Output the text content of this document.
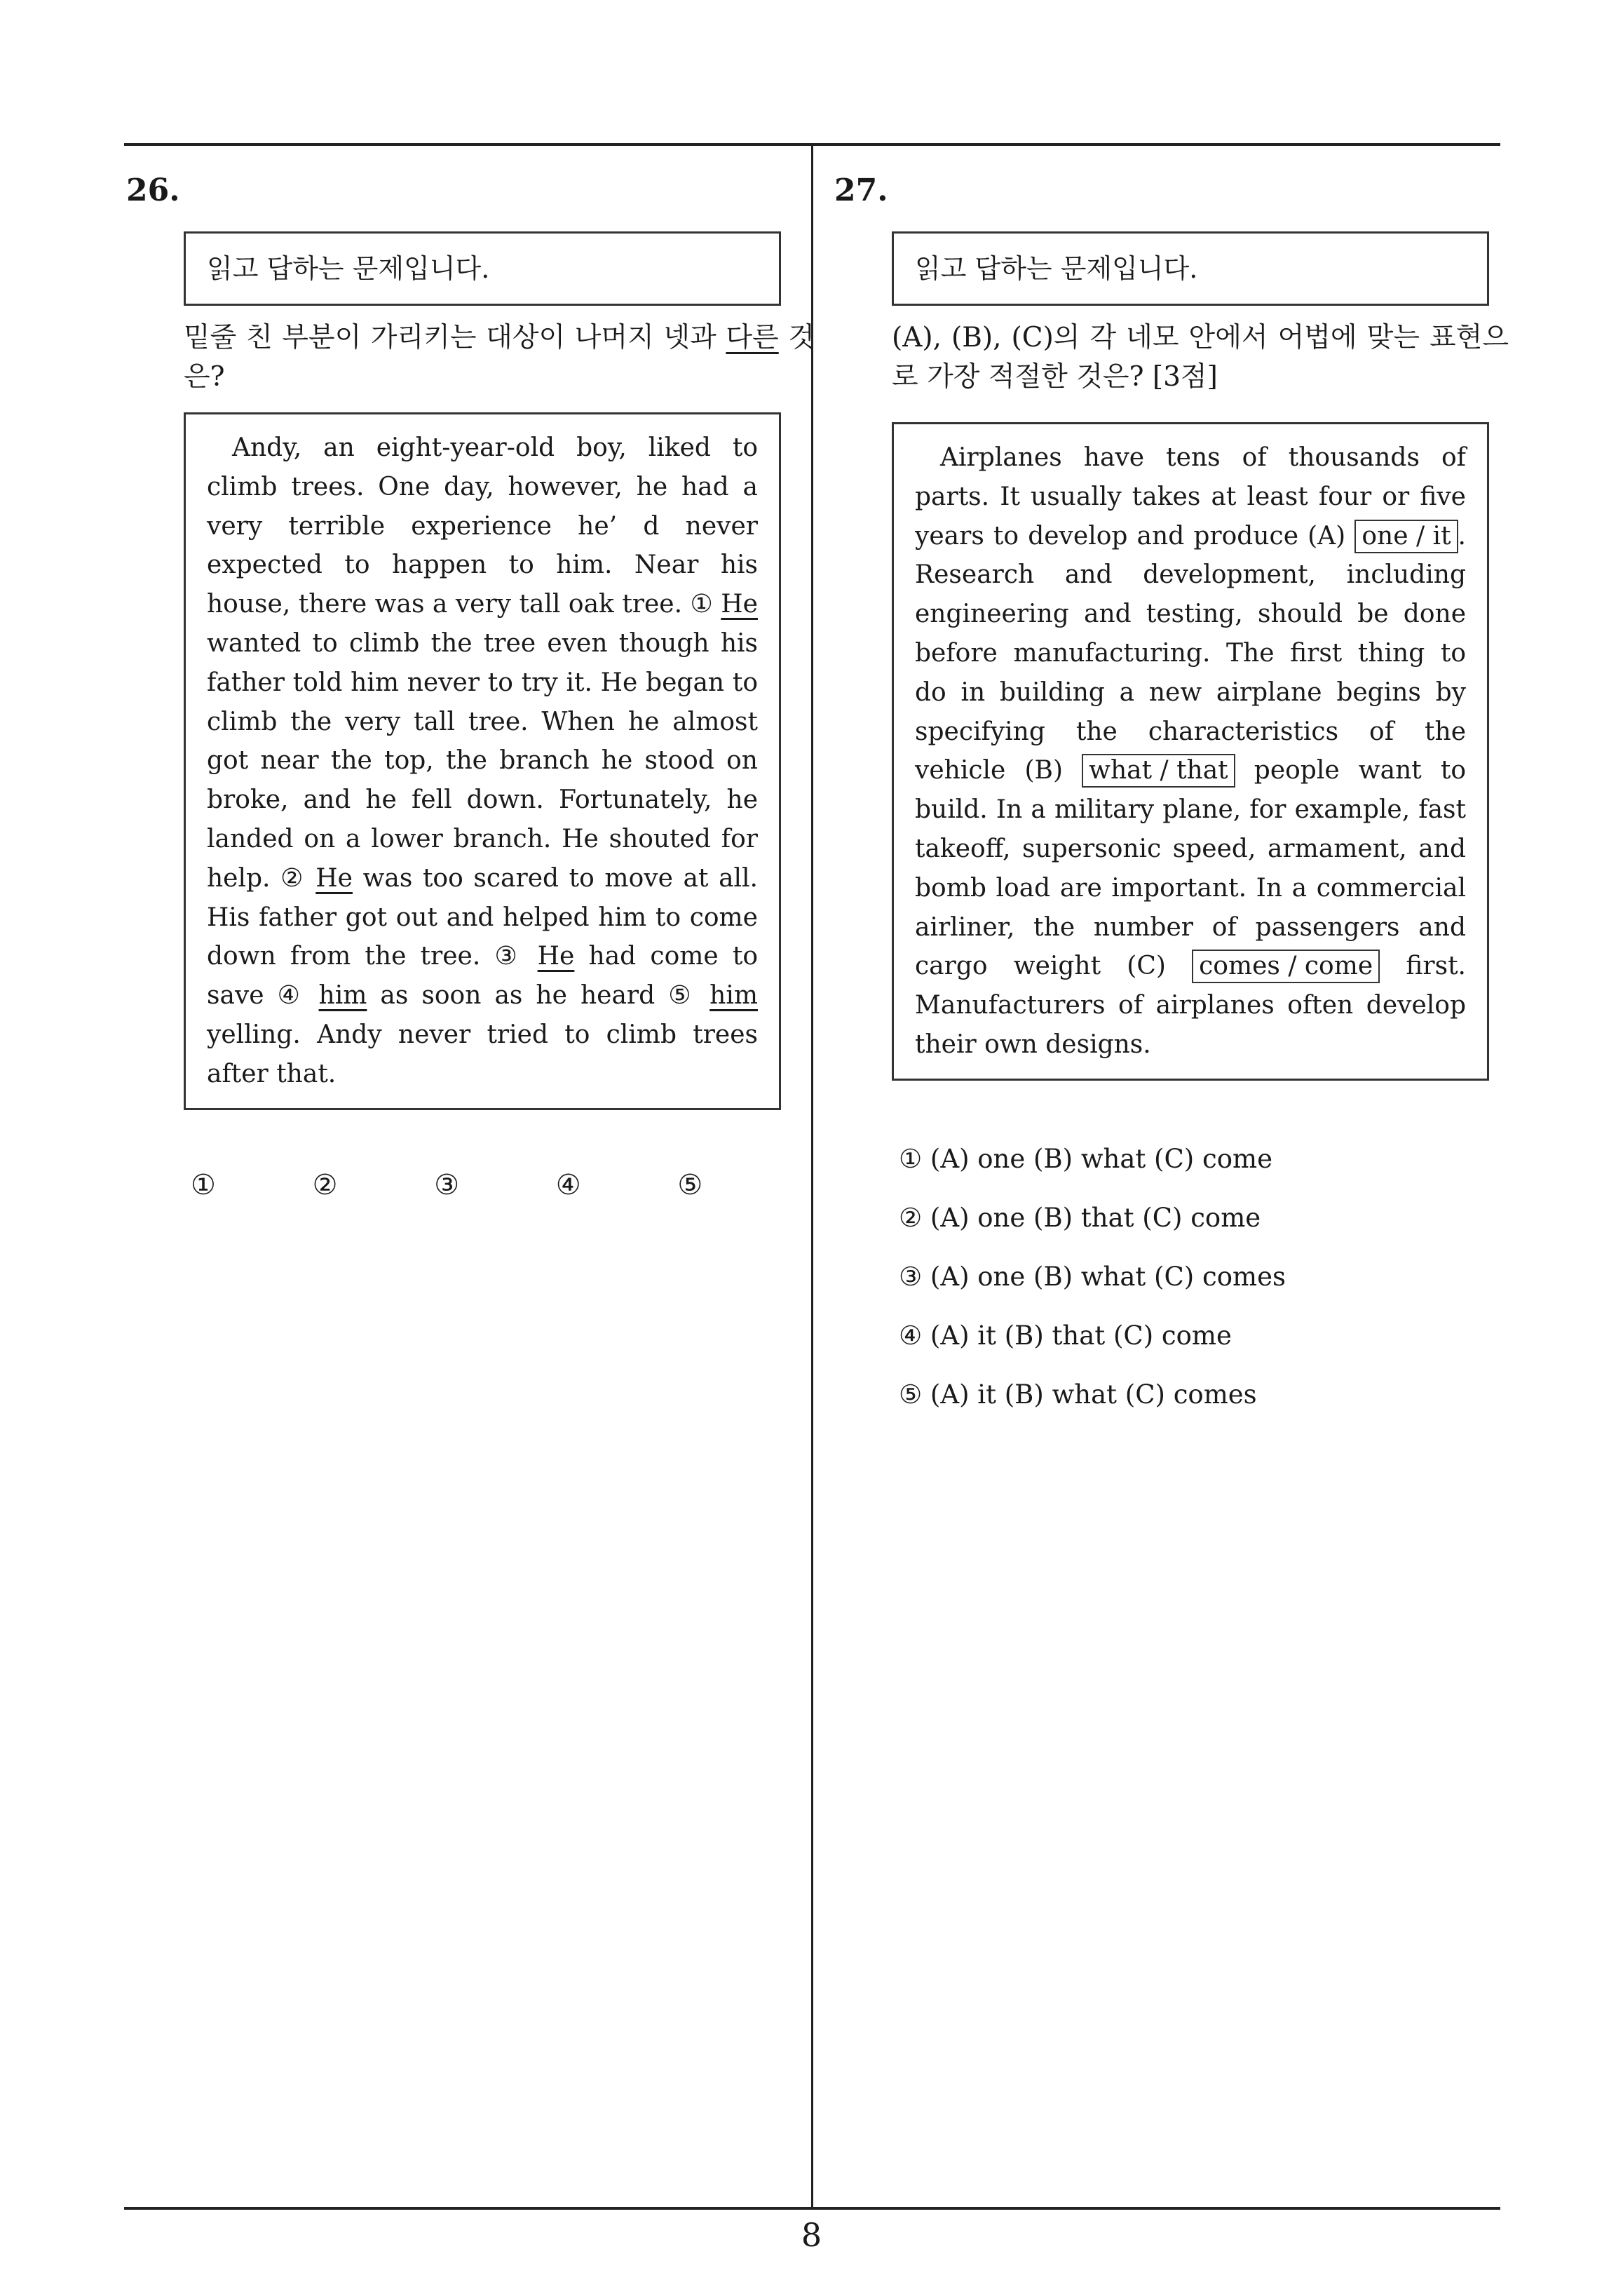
26.
읽고 답하는 문제입니다.
밑줄 친 부분이 가리키는 대상이 나머지 넷과 다른 것은?
Andy, an eight-year-old boy, liked to climb trees. One day, however, he had a very terrible experience he’ d never expected to happen to him. Near his house, there was a very tall oak tree. ① He wanted to climb the tree even though his father told him never to try it. He began to climb the very tall tree. When he almost got near the top, the branch he stood on broke, and he fell down. Fortunately, he landed on a lower branch. He shouted for help. ② He was too scared to move at all. His father got out and helped him to come down from the tree. ③ He had come to save ④ him as soon as he heard ⑤ him yelling. Andy never tried to climb trees after that.
①	②	③	④	⑤
27.
읽고 답하는 문제입니다.
(A), (B), (C)의 각 네모 안에서 어법에 맞는 표현으로 가장 적절한 것은? [3점]
Airplanes have tens of thousands of parts. It usually takes at least four or five years to develop and produce (A) one / it . Research and development, including engineering and testing, should be done before manufacturing. The first thing to do in building a new airplane begins by specifying the characteristics of the vehicle (B) what / that people want to build. In a military plane, for example, fast takeoff, supersonic speed, armament, and bomb load are important. In a commercial airliner, the number of passengers and cargo weight (C) comes / come first. Manufacturers of airplanes often develop their own designs.
① (A) one (B) what (C) come
② (A) one (B) that (C) come
③ (A) one (B) what (C) comes
④ (A) it (B) that (C) come
⑤ (A) it (B) what (C) comes
8
